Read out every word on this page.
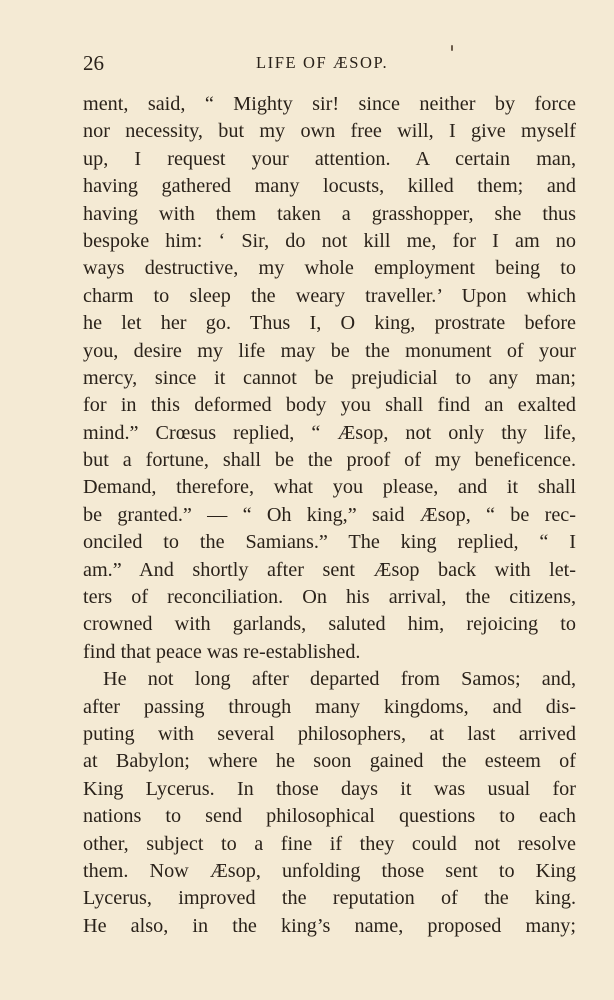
26	LIFE OF ÆSOP.
ment, said, “ Mighty sir! since neither by force
nor necessity, but my own free will, I give myself
up, I request your attention. A certain man,
having gathered many locusts, killed them; and
having with them taken a grasshopper, she thus
bespoke him: ‘ Sir, do not kill me, for I am no
ways destructive, my whole employment being to
charm to sleep the weary traveller.’ Upon which
he let her go. Thus I, O king, prostrate before
you, desire my life may be the monument of your
mercy, since it cannot be prejudicial to any man;
for in this deformed body you shall find an exalted
mind.” Crœsus replied, “ Æsop, not only thy life,
but a fortune, shall be the proof of my beneficence.
Demand, therefore, what you please, and it shall
be granted.” — “ Oh king,” said Æsop, “ be rec-
onciled to the Samians.” The king replied, “ I
am.” And shortly after sent Æsop back with let-
ters of reconciliation. On his arrival, the citizens,
crowned with garlands, saluted him, rejoicing to
find that peace was re-established.
He not long after departed from Samos; and,
after passing through many kingdoms, and dis-
puting with several philosophers, at last arrived
at Babylon; where he soon gained the esteem of
King Lycerus. In those days it was usual for
nations to send philosophical questions to each
other, subject to a fine if they could not resolve
them. Now Æsop, unfolding those sent to King
Lycerus, improved the reputation of the king.
He also, in the king’s name, proposed many;
